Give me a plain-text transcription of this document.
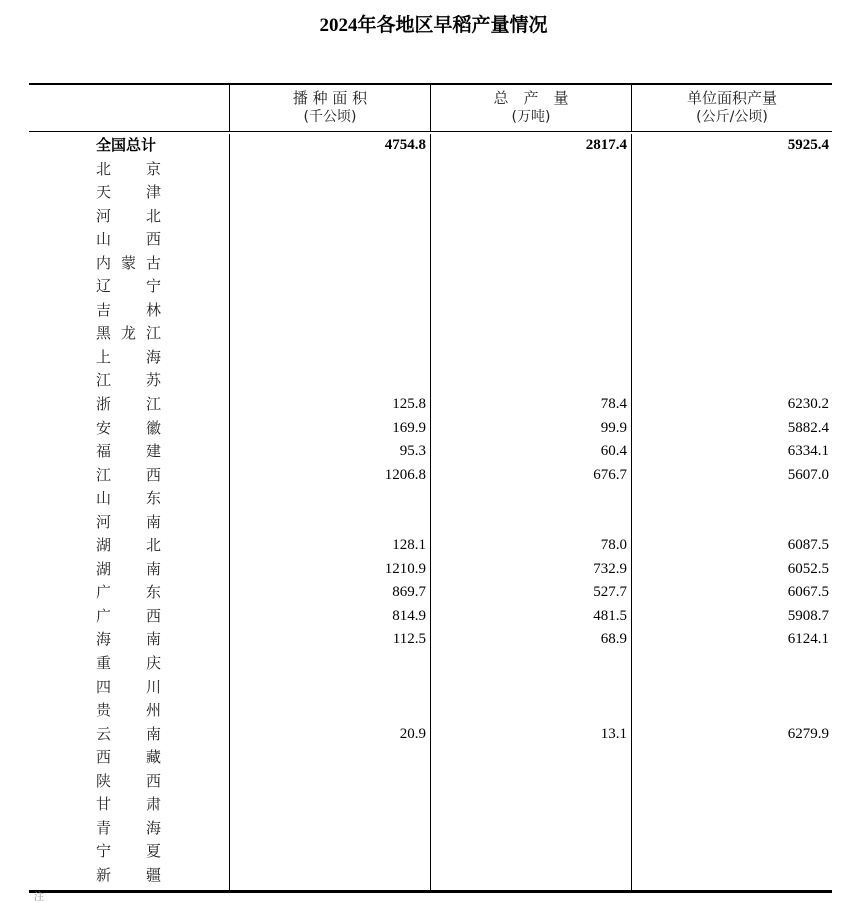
2024年各地区早稻产量情况
播 种 面 积
(千公顷)
总　产　量
(万吨)
单位面积产量
(公斤/公顷)
全国总计	4754.8	2817.4	5925.4
北 京
天 津
河 北
山 西
内 蒙 古
辽 宁
吉 林
黑 龙 江
上 海
江 苏
浙 江	125.8	78.4	6230.2
安 徽	169.9	99.9	5882.4
福 建	95.3	60.4	6334.1
江 西	1206.8	676.7	5607.0
山 东
河 南
湖 北	128.1	78.0	6087.5
湖 南	1210.9	732.9	6052.5
广 东	869.7	527.7	6067.5
广 西	814.9	481.5	5908.7
海 南	112.5	68.9	6124.1
重 庆
四 川
贵 州
云 南	20.9	13.1	6279.9
西 藏
陕 西
甘 肃
青 海
宁 夏
新 疆
注
